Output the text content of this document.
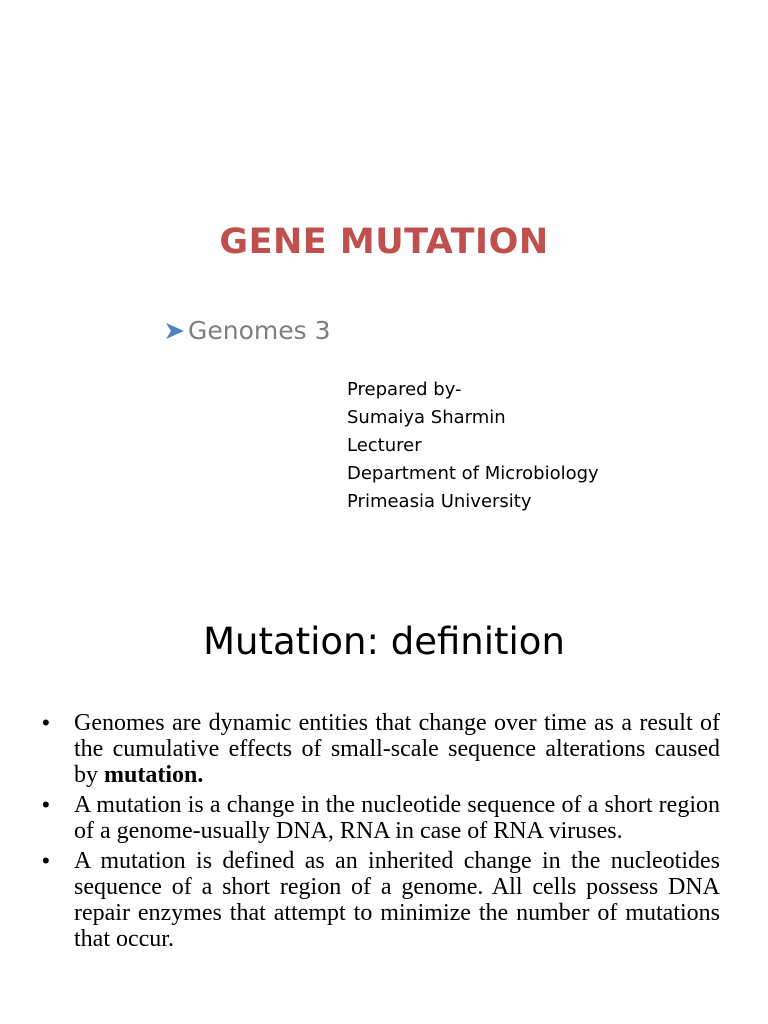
GENE MUTATION
Genomes 3
Prepared by-
Sumaiya Sharmin
Lecturer
Department of Microbiology
Primeasia University
Mutation: definition
• Genomes are dynamic entities that change over time as a result of the cumulative effects of small-scale sequence alterations caused by mutation.
• A mutation is a change in the nucleotide sequence of a short region of a genome-usually DNA, RNA in case of RNA viruses.
• A mutation is defined as an inherited change in the nucleotides sequence of a short region of a genome. All cells possess DNA repair enzymes that attempt to minimize the number of mutations that occur.
